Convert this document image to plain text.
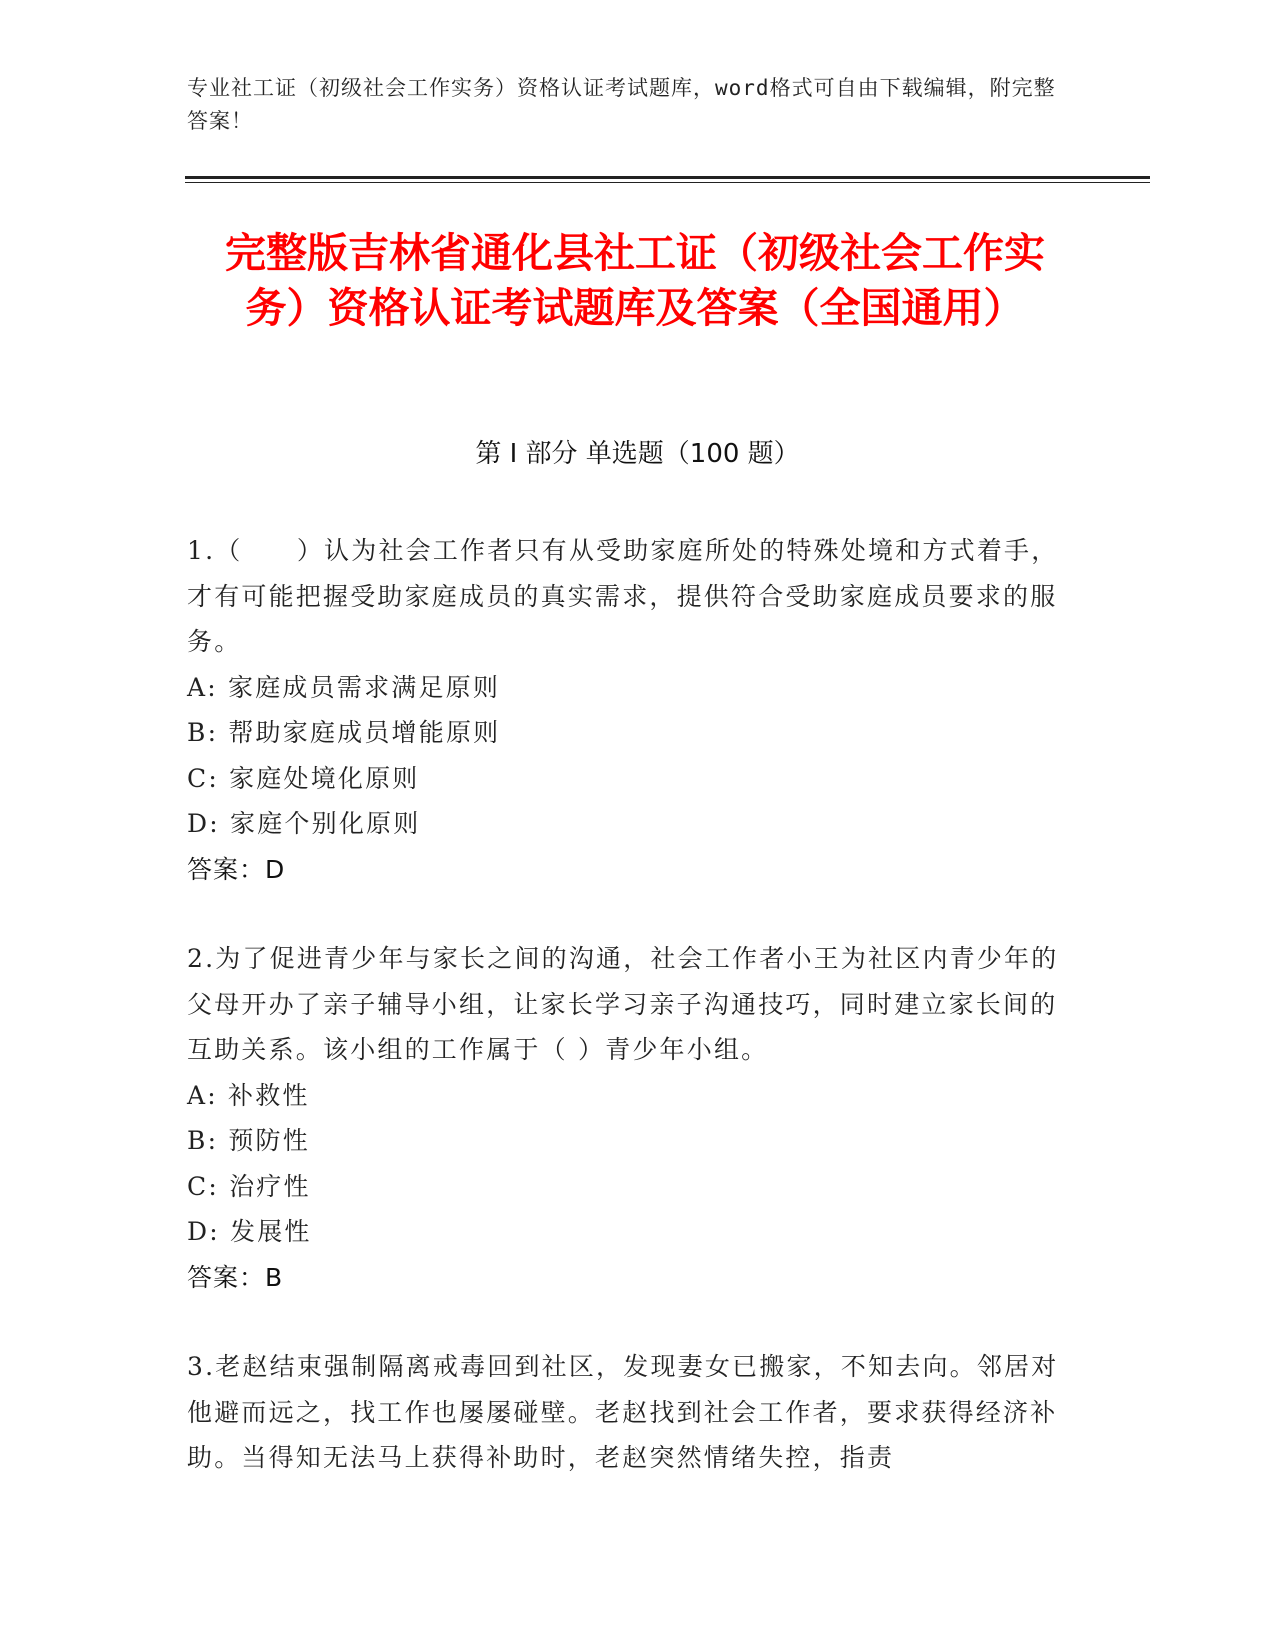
专业社工证（初级社会工作实务）资格认证考试题库，word格式可自由下载编辑，附完整答案！
完整版吉林省通化县社工证（初级社会工作实务）资格认证考试题库及答案（全国通用）
第 I 部分 单选题（100 题）

1.（　　）认为社会工作者只有从受助家庭所处的特殊处境和方式着手，才有可能把握受助家庭成员的真实需求，提供符合受助家庭成员要求的服务。

A: 家庭成员需求满足原则

B: 帮助家庭成员增能原则

C: 家庭处境化原则

D: 家庭个别化原则

答案：D

2.为了促进青少年与家长之间的沟通，社会工作者小王为社区内青少年的父母开办了亲子辅导小组，让家长学习亲子沟通技巧，同时建立家长间的互助关系。该小组的工作属于（ ）青少年小组。

A: 补救性

B: 预防性

C: 治疗性

D: 发展性

答案：B

3.老赵结束强制隔离戒毒回到社区，发现妻女已搬家，不知去向。邻居对他避而远之，找工作也屡屡碰壁。老赵找到社会工作者，要求获得经济补助。当得知无法马上获得补助时，老赵突然情绪失控，指责
